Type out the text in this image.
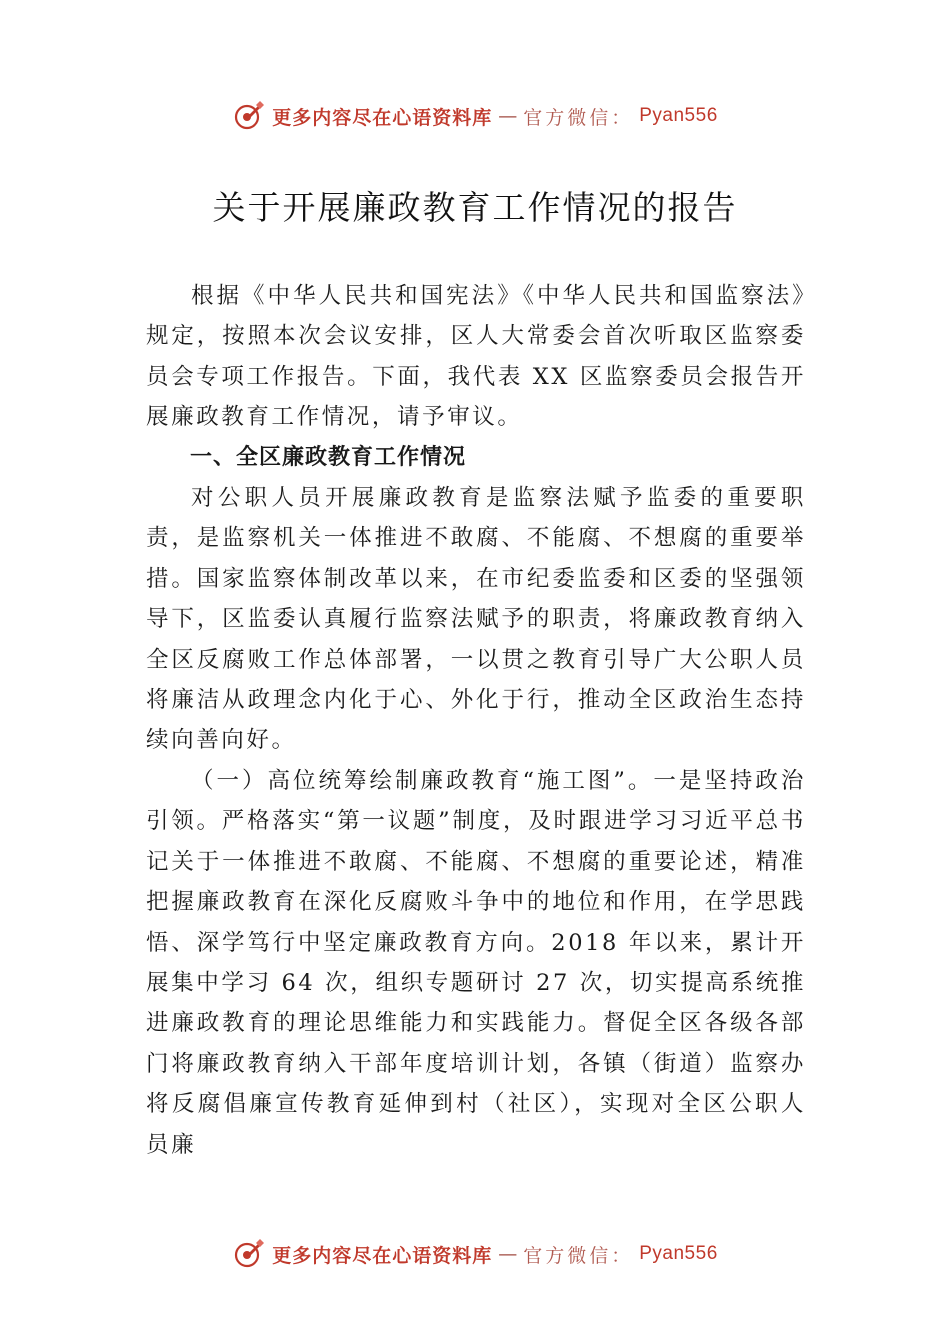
更多内容尽在心语资料库 — 官方微信： Pyan556
关于开展廉政教育工作情况的报告

根据《中华人民共和国宪法》《中华人民共和国监察法》规定，按照本次会议安排，区人大常委会首次听取区监察委员会专项工作报告。下面，我代表 XX 区监察委员会报告开展廉政教育工作情况，请予审议。

一、全区廉政教育工作情况

对公职人员开展廉政教育是监察法赋予监委的重要职责，是监察机关一体推进不敢腐、不能腐、不想腐的重要举措。国家监察体制改革以来，在市纪委监委和区委的坚强领导下，区监委认真履行监察法赋予的职责，将廉政教育纳入全区反腐败工作总体部署，一以贯之教育引导广大公职人员将廉洁从政理念内化于心、外化于行，推动全区政治生态持续向善向好。

（一）高位统筹绘制廉政教育“施工图”。一是坚持政治引领。严格落实“第一议题”制度，及时跟进学习习近平总书记关于一体推进不敢腐、不能腐、不想腐的重要论述，精准把握廉政教育在深化反腐败斗争中的地位和作用，在学思践悟、深学笃行中坚定廉政教育方向。2018 年以来，累计开展集中学习 64 次，组织专题研讨 27 次，切实提高系统推进廉政教育的理论思维能力和实践能力。督促全区各级各部门将廉政教育纳入干部年度培训计划，各镇（街道）监察办将反腐倡廉宣传教育延伸到村（社区），实现对全区公职人员廉

更多内容尽在心语资料库 — 官方微信： Pyan556
